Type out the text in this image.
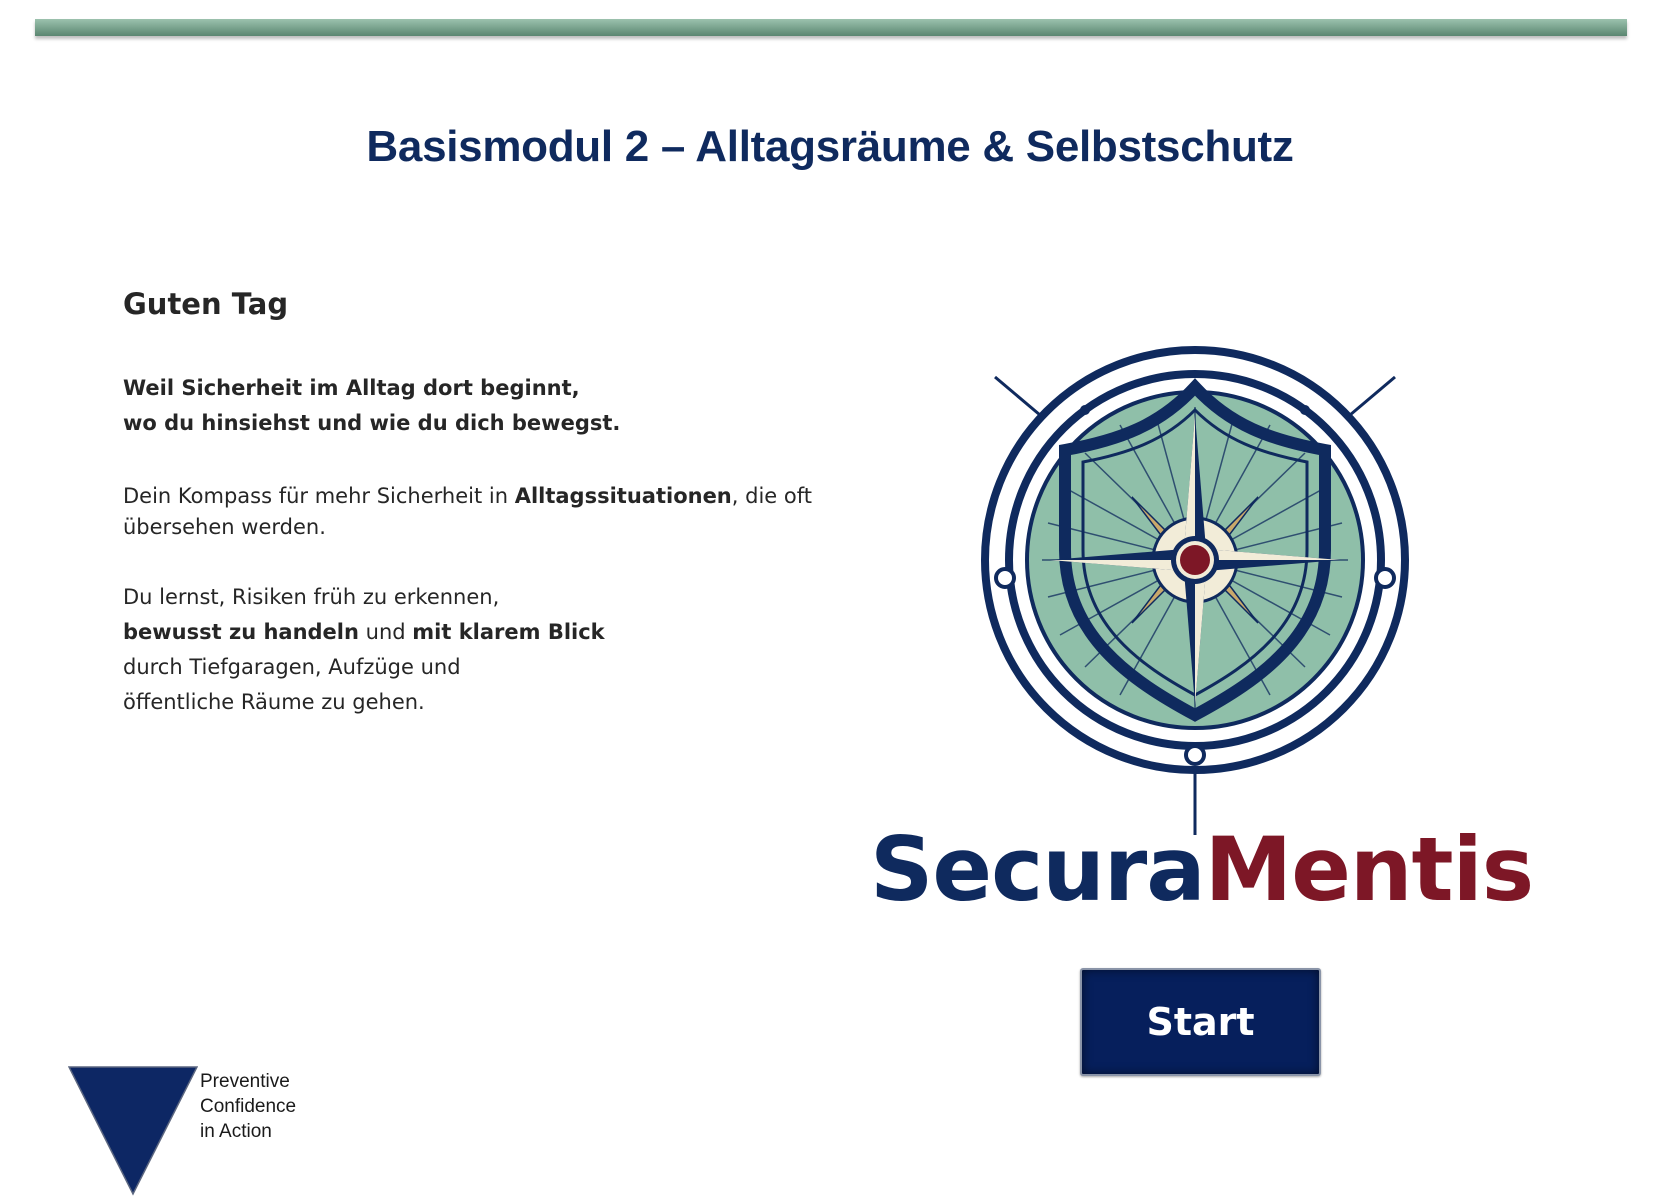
Basismodul 2 – Alltagsräume & Selbstschutz
Guten Tag
Weil Sicherheit im Alltag dort beginnt,
wo du hinsiehst und wie du dich bewegst.
Dein Kompass für mehr Sicherheit in Alltagssituationen, die oft übersehen werden.
Du lernst, Risiken früh zu erkennen,
bewusst zu handeln und mit klarem Blick
durch Tiefgaragen, Aufzüge und
öffentliche Räume zu gehen.
SecuraMentis
Start
Preventive
Confidence
in Action
